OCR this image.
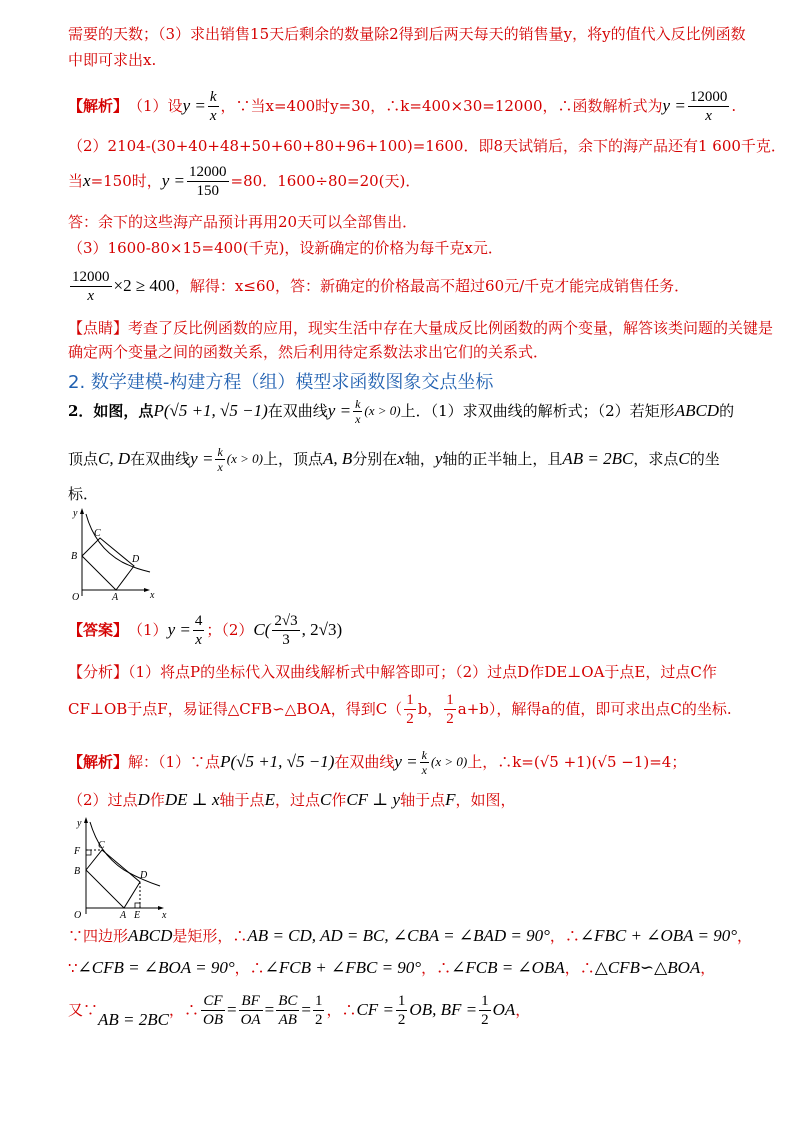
需要的天数；（3）求出销售15天后剩余的数量除2得到后两天每天的销售量y，将y的值代入反比例函数
中即可求出x.
【解析】 （1）设 $y = \frac{k}{x}$ ，∵当x=400时y=30，∴k=400×30=12000，∴函数解析式为 $y = \frac{12000}{x}$ .
（2）2104-(30+40+48+50+60+80+96+100)=1600．即8天试销后，余下的海产品还有1 600千克．
当 x =150时， $y = \frac{12000}{150} =80$．1600÷80=20(天)．
答：余下的这些海产品预计再用20天可以全部售出．
（3）1600-80×15=400(千克)，设新确定的价格为每千克x元．
$\frac{12000}{x} \times 2 \ge 400$ ，解得：x≤60，答：新确定的价格最高不超过60元/千克才能完成销售任务．
【点睛】考查了反比例函数的应用，现实生活中存在大量成反比例函数的两个变量，解答该类问题的关键是
确定两个变量之间的函数关系，然后利用待定系数法求出它们的关系式．
2. 数学建模-构建方程（组）模型求函数图象交点坐标
2．如图，点 P(√5 +1, √5 −1) 在双曲线 $y = \frac{k}{x} (x > 0)$ 上．（1）求双曲线的解析式；（2）若矩形 ABCD 的
顶点 C, D 在双曲线 $y = \frac{k}{x} (x > 0)$ 上，顶点 A, B 分别在 x 轴， y 轴的正半轴上，且 AB = 2BC ，求点 C 的坐
标．
y
x
O	A
B
C
D
【答案】 （1） $y = \frac{4}{x}$ ；（2） $C( \frac{2√3}{3}$ , 2√3)
【分析】（1）将点P的坐标代入双曲线解析式中解答即可；（2）过点D作DE⊥OA于点E，过点C作
CF⊥OB于点F，易证得△CFB∽△BOA，得到$C( \frac{1}{2}$ b， $\frac{1}{2} a+b$），解得a的值，即可求出点C的坐标.
【解析】 解：（1）∵点 P(√5 +1, √5 −1) 在双曲线 $y = \frac{k}{x} (x > 0)$ 上，∴k=(√5 +1)(√5 −1)=4；
（2）过点 D 作 DE ⊥ x 轴于点 E ，过点 C 作 CF ⊥ y 轴于点 F ，如图，
y
x
O	A E
B
F
C
D
∵四边形 ABCD 是矩形，∴ AB = CD, AD = BC, ∠CBA = ∠BAD = 90° ，∴ ∠FBC + ∠OBA = 90° ，
∵ ∠CFB = ∠BOA = 90° ，∴ ∠FCB + ∠FBC = 90° ，∴ ∠FCB = ∠OBA ，∴ △CFB∽△BOA ，
又∵ AB = 2BC ，∴ $\frac{CF}{OB} = \frac{BF}{OA} = \frac{BC}{AB} = \frac{1}{2}$ ，∴ CF = $\frac{1}{2}$ OB, BF = $\frac{1}{2}$ OA ，
